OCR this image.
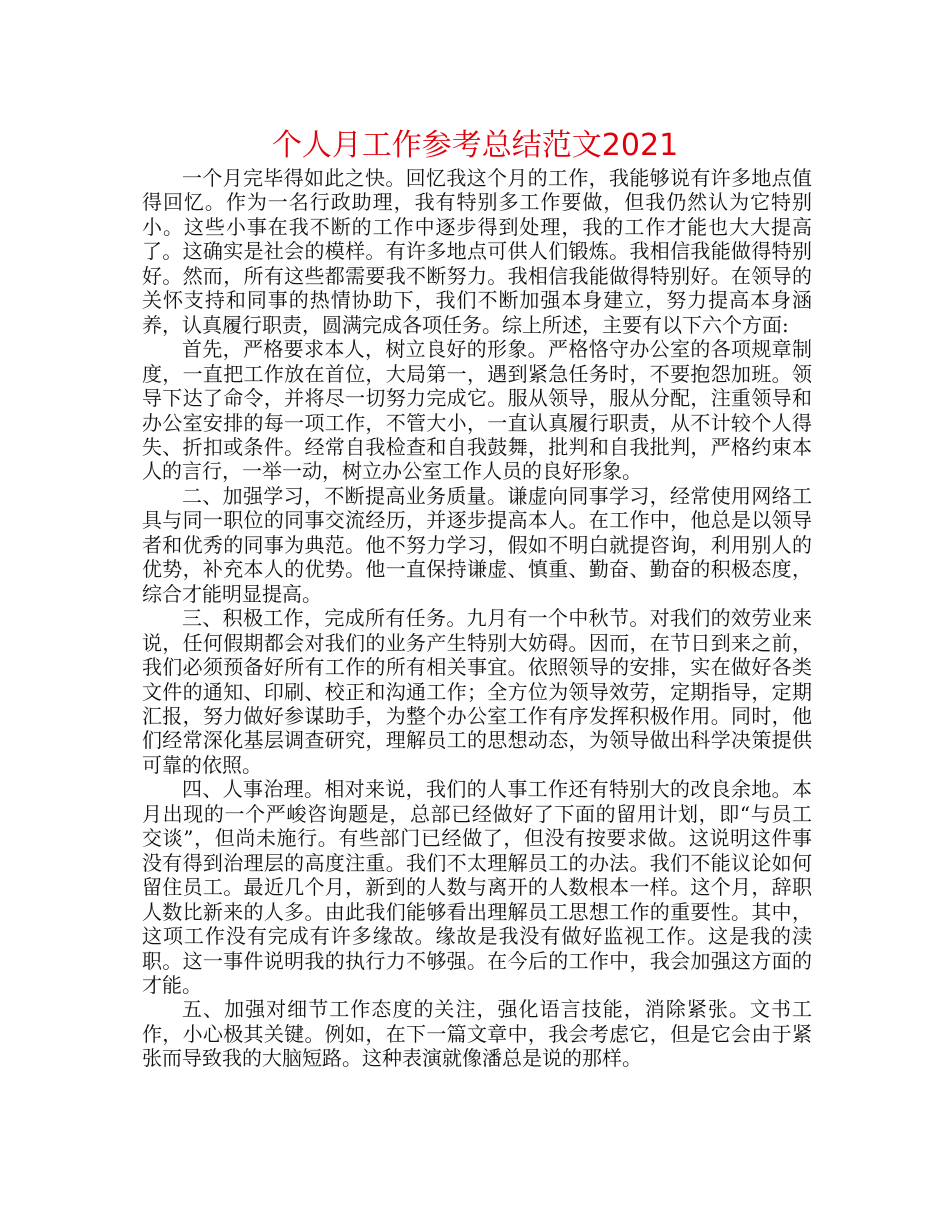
个人月工作参考总结范文2021

一个月完毕得如此之快。回忆我这个月的工作，我能够说有许多地点值得回忆。作为一名行政助理，我有特别多工作要做，但我仍然认为它特别小。这些小事在我不断的工作中逐步得到处理，我的工作才能也大大提高了。这确实是社会的模样。有许多地点可供人们锻炼。我相信我能做得特别好。然而，所有这些都需要我不断努力。我相信我能做得特别好。在领导的关怀支持和同事的热情协助下，我们不断加强本身建立，努力提高本身涵养，认真履行职责，圆满完成各项任务。综上所述，主要有以下六个方面:

首先，严格要求本人，树立良好的形象。严格恪守办公室的各项规章制度，一直把工作放在首位，大局第一，遇到紧急任务时，不要抱怨加班。领导下达了命令，并将尽一切努力完成它。服从领导，服从分配，注重领导和办公室安排的每一项工作，不管大小，一直认真履行职责，从不计较个人得失、折扣或条件。经常自我检查和自我鼓舞，批判和自我批判，严格约束本人的言行，一举一动，树立办公室工作人员的良好形象。

二、加强学习，不断提高业务质量。谦虚向同事学习，经常使用网络工具与同一职位的同事交流经历，并逐步提高本人。在工作中，他总是以领导者和优秀的同事为典范。他不努力学习，假如不明白就提咨询，利用别人的优势，补充本人的优势。他一直保持谦虚、慎重、勤奋、勤奋的积极态度，综合才能明显提高。

三、积极工作，完成所有任务。九月有一个中秋节。对我们的效劳业来说，任何假期都会对我们的业务产生特别大妨碍。因而，在节日到来之前，我们必须预备好所有工作的所有相关事宜。依照领导的安排，实在做好各类文件的通知、印刷、校正和沟通工作；全方位为领导效劳，定期指导，定期汇报，努力做好参谋助手，为整个办公室工作有序发挥积极作用。同时，他们经常深化基层调查研究，理解员工的思想动态，为领导做出科学决策提供可靠的依照。

四、人事治理。相对来说，我们的人事工作还有特别大的改良余地。本月出现的一个严峻咨询题是，总部已经做好了下面的留用计划，即“与员工交谈”，但尚未施行。有些部门已经做了，但没有按要求做。这说明这件事没有得到治理层的高度注重。我们不太理解员工的办法。我们不能议论如何留住员工。最近几个月，新到的人数与离开的人数根本一样。这个月，辞职人数比新来的人多。由此我们能够看出理解员工思想工作的重要性。其中，这项工作没有完成有许多缘故。缘故是我没有做好监视工作。这是我的渎职。这一事件说明我的执行力不够强。在今后的工作中，我会加强这方面的才能。

五、加强对细节工作态度的关注，强化语言技能，消除紧张。文书工作，小心极其关键。例如，在下一篇文章中，我会考虑它，但是它会由于紧张而导致我的大脑短路。这种表演就像潘总是说的那样。
